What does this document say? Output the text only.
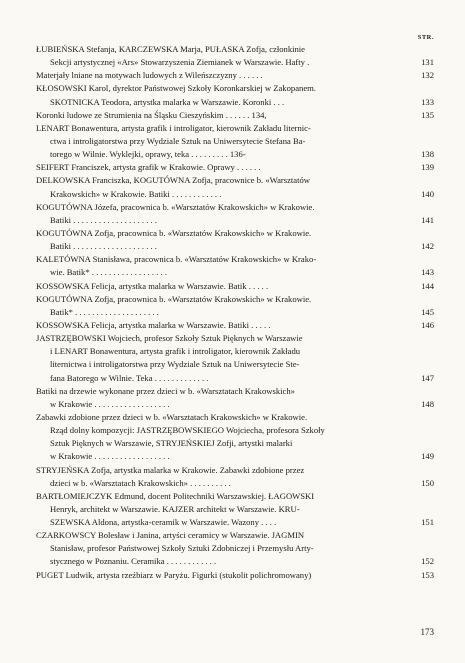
STR.
ŁUBIEŃSKA Stefanja, KARCZEWSKA Marja, PUŁASKA Zofja, członkinie
Sekcji artystycznej «Ars» Stowarzyszenia Ziemianek w Warszawie. Hafty .	131
Materjały lniane na motywach ludowych z Wileńszczyzny . . . . . .	132
KŁOSOWSKI Karol, dyrektor Państwowej Szkoły Koronkarskiej w Zakopanem.
SKOTNICKA Teodora, artystka malarka w Warszawie. Koronki . . .	133
Koronki ludowe ze Strumienia na Śląsku Cieszyńskim . . . . . . 134,	135
LENART Bonawentura, artysta grafik i introligator, kierownik Zakładu liternic-
ctwa i introligatorstwa przy Wydziale Sztuk na Uniwersytecie Stefana Ba-
torego w Wilnie. Wyklejki, oprawy, teka . . . . . . . . . 136-	138
SEIFERT Franciszek, artysta grafik w Krakowie. Oprawy . . . . . .	139
DELKOWSKA Franciszka, KOGUTÓWNA Zofja, pracownice b. «Warsztatów
Krakowskich» w Krakowie. Batiki . . . . . . . . . . . .	140
KOGUTÓWNA Józefa, pracownica b. «Warsztatów Krakowskich» w Krakowie.
Batiki . . . . . . . . . . . . . . . . . . . .	141
KOGUTÓWNA Zofja, pracownica b. «Warsztatów Krakowskich» w Krakowie.
Batiki . . . . . . . . . . . . . . . . . . . .	142
KALETÓWNA Stanisława, pracownica b. «Warsztatów Krakowskich» w Krako-
wie. Batik* . . . . . . . . . . . . . . . . . .	143
KOSSOWSKA Felicja, artystka malarka w Warszawie. Batik . . . . .	144
KOGUTÓWNA Zofja, pracownica b. «Warsztatów Krakowskich» w Krakowie.
Batik* . . . . . . . . . . . . . . . . . . . .	145
KOSSOWSKA Felicja, artystka malarka w Warszawie. Batiki . . . . .	146
JASTRZĘBOWSKI Wojciech, profesor Szkoły Sztuk Pięknych w Warszawie
i LENART Bonawentura, artysta grafik i introligator, kierownik Zakładu
liternictwa i introligatorstwa przy Wydziale Sztuk na Uniwersytecie Ste-
fana Batorego w Wilnie. Teka . . . . . . . . . . . . .	147
Batiki na drzewie wykonane przez dzieci w b. «Warsztatach Krakowskich»
w Krakowie . . . . . . . . . . . . . . . . . .	148
Zabawki zdobione przez dzieci w b. «Warsztatach Krakowskich» w Krakowie.
Rząd dolny kompozycji: JASTRZĘBOWSKIEGO Wojciecha, profesora Szkoły
Sztuk Pięknych w Warszawie, STRYJEŃSKIEJ Zofji, artystki malarki
w Krakowie . . . . . . . . . . . . . . . . . .	149
STRYJEŃSKA Zofja, artystka malarka w Krakowie. Zabawki zdobione przez
dzieci w b. «Warsztatach Krakowskich» . . . . . . . . . .	150
BARTŁOMIEJCZYK Edmund, docent Politechniki Warszawskiej. ŁAGOWSKI
Henryk, architekt w Warszawie. KAJZER architekt w Warszawie. KRU-
SZEWSKA Aldona, artystka-ceramik w Warszawie. Wazony . . . .	151
CZARKOWSCY Bolesław i Janina, artyści ceramicy w Warszawie. JAGMIN
Stanisław, profesor Państwowej Szkoły Sztuki Zdobniczej i Przemysłu Arty-
stycznego w Poznaniu. Ceramika . . . . . . . . . . . .	152
PUGET Ludwik, artysta rzeźbiarz w Paryżu. Figurki (stukolit polichromowany)	153
173
